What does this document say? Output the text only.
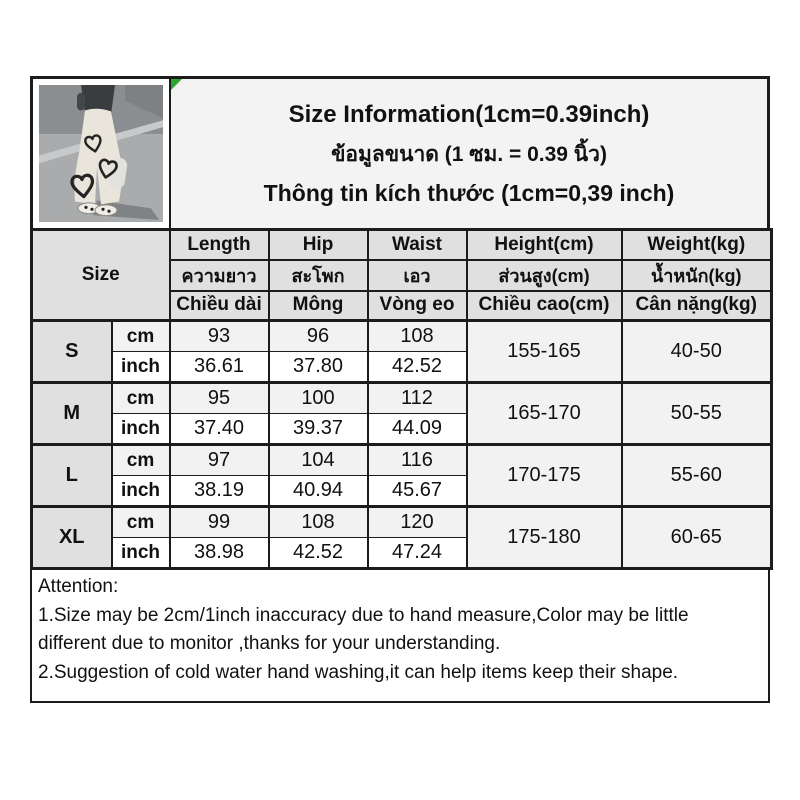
Size Information(1cm=0.39inch)
ข้อมูลขนาด (1 ซม. = 0.39 นิ้ว)
Thông tin kích thước (1cm=0,39 inch)
Size		Length	Hip	Waist	Height(cm)	Weight(kg)
		ความยาว	สะโพก	เอว	ส่วนสูง(cm)	น้ำหนัก(kg)
		Chiều dài	Mông	Vòng eo	Chiều cao(cm)	Cân nặng(kg)
S	cm	93	96	108	155-165	40-50
	inch	36.61	37.80	42.52		
M	cm	95	100	112	165-170	50-55
	inch	37.40	39.37	44.09		
L	cm	97	104	116	170-175	55-60
	inch	38.19	40.94	45.67		
XL	cm	99	108	120	175-180	60-65
	inch	38.98	42.52	47.24		
Attention:
1.Size may be 2cm/1inch inaccuracy due to hand measure,Color may be little different due to monitor ,thanks for your understanding.
2.Suggestion of cold water hand washing,it can help items keep their shape.
